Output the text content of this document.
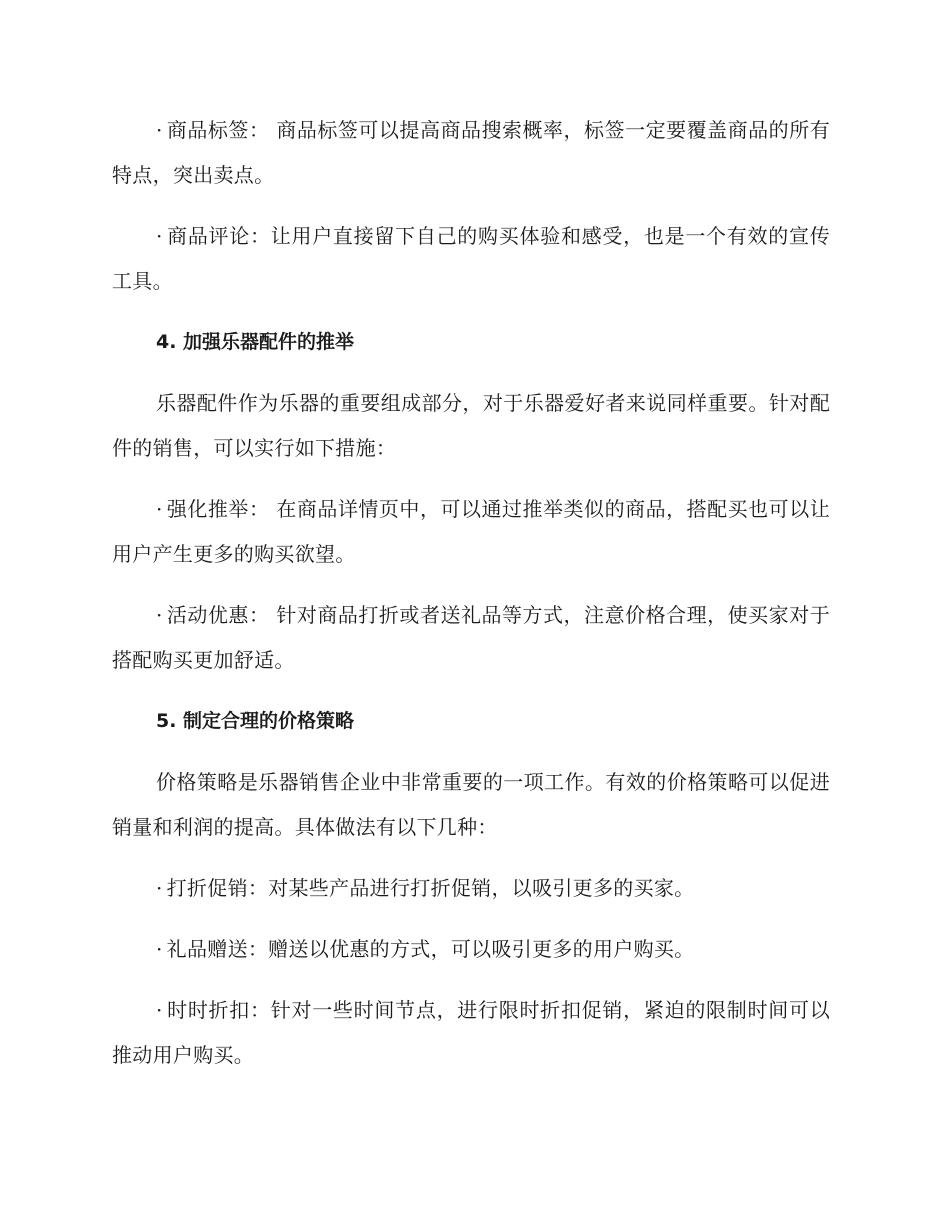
· 商品标签： 商品标签可以提高商品搜索概率，标签一定要覆盖商品的所有特点，突出卖点。

· 商品评论：让用户直接留下自己的购买体验和感受，也是一个有效的宣传工具。

4. 加强乐器配件的推举

乐器配件作为乐器的重要组成部分，对于乐器爱好者来说同样重要。针对配件的销售，可以实行如下措施：

· 强化推举： 在商品详情页中，可以通过推举类似的商品，搭配买也可以让用户产生更多的购买欲望。

· 活动优惠： 针对商品打折或者送礼品等方式，注意价格合理，使买家对于搭配购买更加舒适。

5. 制定合理的价格策略

价格策略是乐器销售企业中非常重要的一项工作。有效的价格策略可以促进销量和利润的提高。具体做法有以下几种：

· 打折促销：对某些产品进行打折促销，以吸引更多的买家。

· 礼品赠送：赠送以优惠的方式，可以吸引更多的用户购买。

· 时时折扣：针对一些时间节点，进行限时折扣促销，紧迫的限制时间可以推动用户购买。
